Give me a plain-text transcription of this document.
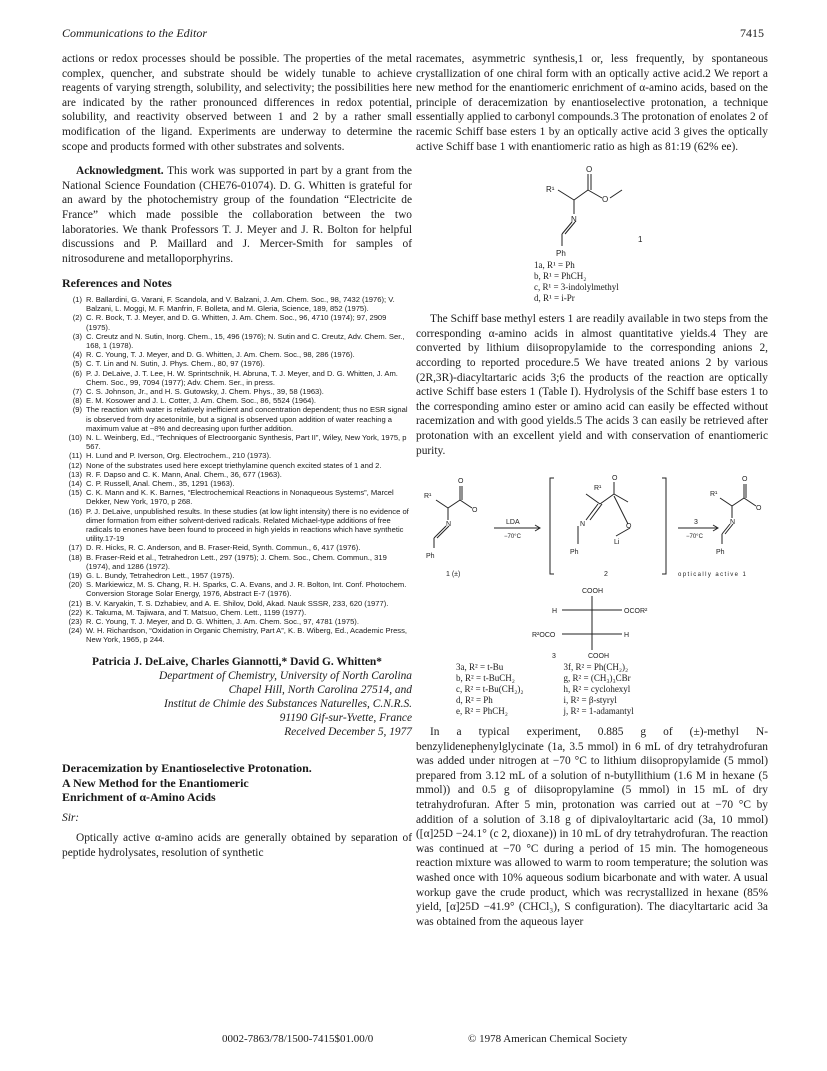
Communications to the Editor	7415

actions or redox processes should be possible. The properties of the metal complex, quencher, and substrate should be widely tunable to achieve reagents of varying strength, solubility, and selectivity; the possibilities here are indicated by the rather pronounced differences in redox potential, solubility, and reactivity observed between 1 and 2 by a rather small modification of the ligand. Experiments are underway to determine the scope and products formed with other substrates and solvents.

Acknowledgment. This work was supported in part by a grant from the National Science Foundation (CHE76-01074). D. G. Whitten is grateful for an award by the photochemistry group of the foundation “Electricite de France” which made possible the collaboration between the two laboratories. We thank Professors T. J. Meyer and J. R. Bolton for helpful discussions and P. Maillard and J. Mercer-Smith for samples of nitrosodurene and metalloporphyrins.

References and Notes

(1) R. Ballardini, G. Varani, F. Scandola, and V. Balzani, J. Am. Chem. Soc., 98, 7432 (1976); V. Balzani, L. Moggi, M. F. Manfrin, F. Bolleta, and M. Gleria, Science, 189, 852 (1975).
(2) C. R. Bock, T. J. Meyer, and D. G. Whitten, J. Am. Chem. Soc., 96, 4710 (1974); 97, 2909 (1975).
(3) C. Creutz and N. Sutin, Inorg. Chem., 15, 496 (1976); N. Sutin and C. Creutz, Adv. Chem. Ser., 168, 1 (1978).
(4) R. C. Young, T. J. Meyer, and D. G. Whitten, J. Am. Chem. Soc., 98, 286 (1976).
(5) C. T. Lin and N. Sutin, J. Phys. Chem., 80, 97 (1976).
(6) P. J. DeLaive, J. T. Lee, H. W. Sprintschnik, H. Abruna, T. J. Meyer, and D. G. Whitten, J. Am. Chem. Soc., 99, 7094 (1977); Adv. Chem. Ser., in press.
(7) C. S. Johnson, Jr., and H. S. Gutowsky, J. Chem. Phys., 39, 58 (1963).
(8) E. M. Kosower and J. L. Cotter, J. Am. Chem. Soc., 86, 5524 (1964).
(9) The reaction with water is relatively inefficient and concentration dependent; thus no ESR signal is observed from dry acetonitrile, but a signal is observed upon addition of water reaching a maximum value at ~8% and decreasing upon further addition.
(10) N. L. Weinberg, Ed., “Techniques of Electroorganic Synthesis, Part II”, Wiley, New York, 1975, p 567.
(11) H. Lund and P. Iverson, Org. Electrochem., 210 (1973).
(12) None of the substrates used here except triethylamine quench excited states of 1 and 2.
(13) R. F. Dapso and C. K. Mann, Anal. Chem., 36, 677 (1963).
(14) C. P. Russell, Anal. Chem., 35, 1291 (1963).
(15) C. K. Mann and K. K. Barnes, “Electrochemical Reactions in Nonaqueous Systems”, Marcel Dekker, New York, 1970, p 268.
(16) P. J. DeLaive, unpublished results. In these studies (at low light intensity) there is no evidence of dimer formation from either solvent-derived radicals. Related Michael-type additions of free radicals to enones have been found to proceed in high yields in reactions which have synthetic utility.17-19
(17) D. R. Hicks, R. C. Anderson, and B. Fraser-Reid, Synth. Commun., 6, 417 (1976).
(18) B. Fraser-Reid et al., Tetrahedron Lett., 297 (1975); J. Chem. Soc., Chem. Commun., 319 (1974), and 1286 (1972).
(19) G. L. Bundy, Tetrahedron Lett., 1957 (1975).
(20) S. Markiewicz, M. S. Chang, R. H. Sparks, C. A. Evans, and J. R. Bolton, Int. Conf. Photochem. Conversion Storage Solar Energy, 1976, Abstract E-7 (1976).
(21) B. V. Karyakin, T. S. Dzhabiev, and A. E. Shilov, Dokl, Akad. Nauk SSSR, 233, 620 (1977).
(22) K. Takuma, M. Tajiwara, and T. Matsuo, Chem. Lett., 1199 (1977).
(23) R. C. Young, T. J. Meyer, and D. G. Whitten, J. Am. Chem. Soc., 97, 4781 (1975).
(24) W. H. Richardson, “Oxidation in Organic Chemistry, Part A”, K. B. Wiberg, Ed., Academic Press, New York, 1965, p 244.

Patricia J. DeLaive, Charles Giannotti,* David G. Whitten*

Department of Chemistry, University of North Carolina
Chapel Hill, North Carolina 27514, and
Institut de Chimie des Substances Naturelles, C.N.R.S.
91190 Gif-sur-Yvette, France
Received December 5, 1977
Deracemization by Enantioselective Protonation.
A New Method for the Enantiomeric
Enrichment of α-Amino Acids

Sir:

Optically active α-amino acids are generally obtained by separation of peptide hydrolysates, resolution of synthetic

racemates, asymmetric synthesis,1 or, less frequently, by spontaneous crystallization of one chiral form with an optically active acid.2 We report a new method for the enantiomeric enrichment of α-amino acids, based on the principle of deracemization by enantioselective protonation, a technique essentially applied to carbonyl compounds.3 The protonation of enolates 2 of racemic Schiff base esters 1 by an optically active acid 3 gives the optically active Schiff base 1 with enantiomeric ratio as high as 81:19 (62% ee).

R¹
O
O
N
Ph
1
1a, R¹ = Ph
b, R¹ = PhCH₂
c, R¹ = 3-indolylmethyl
d, R¹ = i-Pr

The Schiff base methyl esters 1 are readily available in two steps from the corresponding α-amino acids in almost quantitative yields.4 They are converted by lithium diisopropylamide to the corresponding anions 2, according to reported procedure.5 We have treated anions 2 by various (2R,3R)-diacyltartaric acids 3;6 the products of the reaction are optically active Schiff base esters 1 (Table I). Hydrolysis of the Schiff base esters 1 to the corresponding amino ester or amino acid can easily be effected without racemization and with good yields.5 The acids 3 can easily be retrieved after protonation with an excellent yield and with conservation of enantiomeric purity.

R¹
O
O
N
Ph
LDA
−70°C
R¹
O
N	O
Li
Ph
3
−70°C
R¹
O
O
N
Ph
1 (±)	2	optically active 1
COOH
H	OCOR²
R²OCO	H
3	COOH
3a, R² = t-Bu
b, R² = t-BuCH₂
c, R² = t-Bu(CH₂)₂
d, R² = Ph
e, R² = PhCH₂
3f, R² = Ph(CH₂)₂
g, R² = (CH₃)₃CBr
h, R² = cyclohexyl
i, R² = β-styryl
j, R² = 1-adamantyl

In a typical experiment, 0.885 g of (±)-methyl N-benzylidenephenylglycinate (1a, 3.5 mmol) in 6 mL of dry tetrahydrofuran was added under nitrogen at −70 °C to lithium diisopropylamide (5 mmol) prepared from 3.12 mL of a solution of n-butyllithium (1.6 M in hexane (5 mmol)) and 0.5 g of diisopropylamine (5 mmol) in 15 mL of dry tetrahydrofuran. After 5 min, protonation was carried out at −70 °C by addition of a solution of 3.18 g of dipivaloyltartaric acid (3a, 10 mmol) ([α]25D −24.1° (c 2, dioxane)) in 10 mL of dry tetrahydrofuran. The reaction was continued at −70 °C during a period of 15 min. The homogeneous reaction mixture was allowed to warm to room temperature; the solution was washed once with 10% aqueous sodium bicarbonate and with water. A usual workup gave the crude product, which was recrystallized in hexane (85% yield, [α]25D −41.9° (CHCl₃), S configuration). The diacyltartaric acid 3a was obtained from the aqueous layer

0002-7863/78/1500-7415$01.00/0	© 1978 American Chemical Society
